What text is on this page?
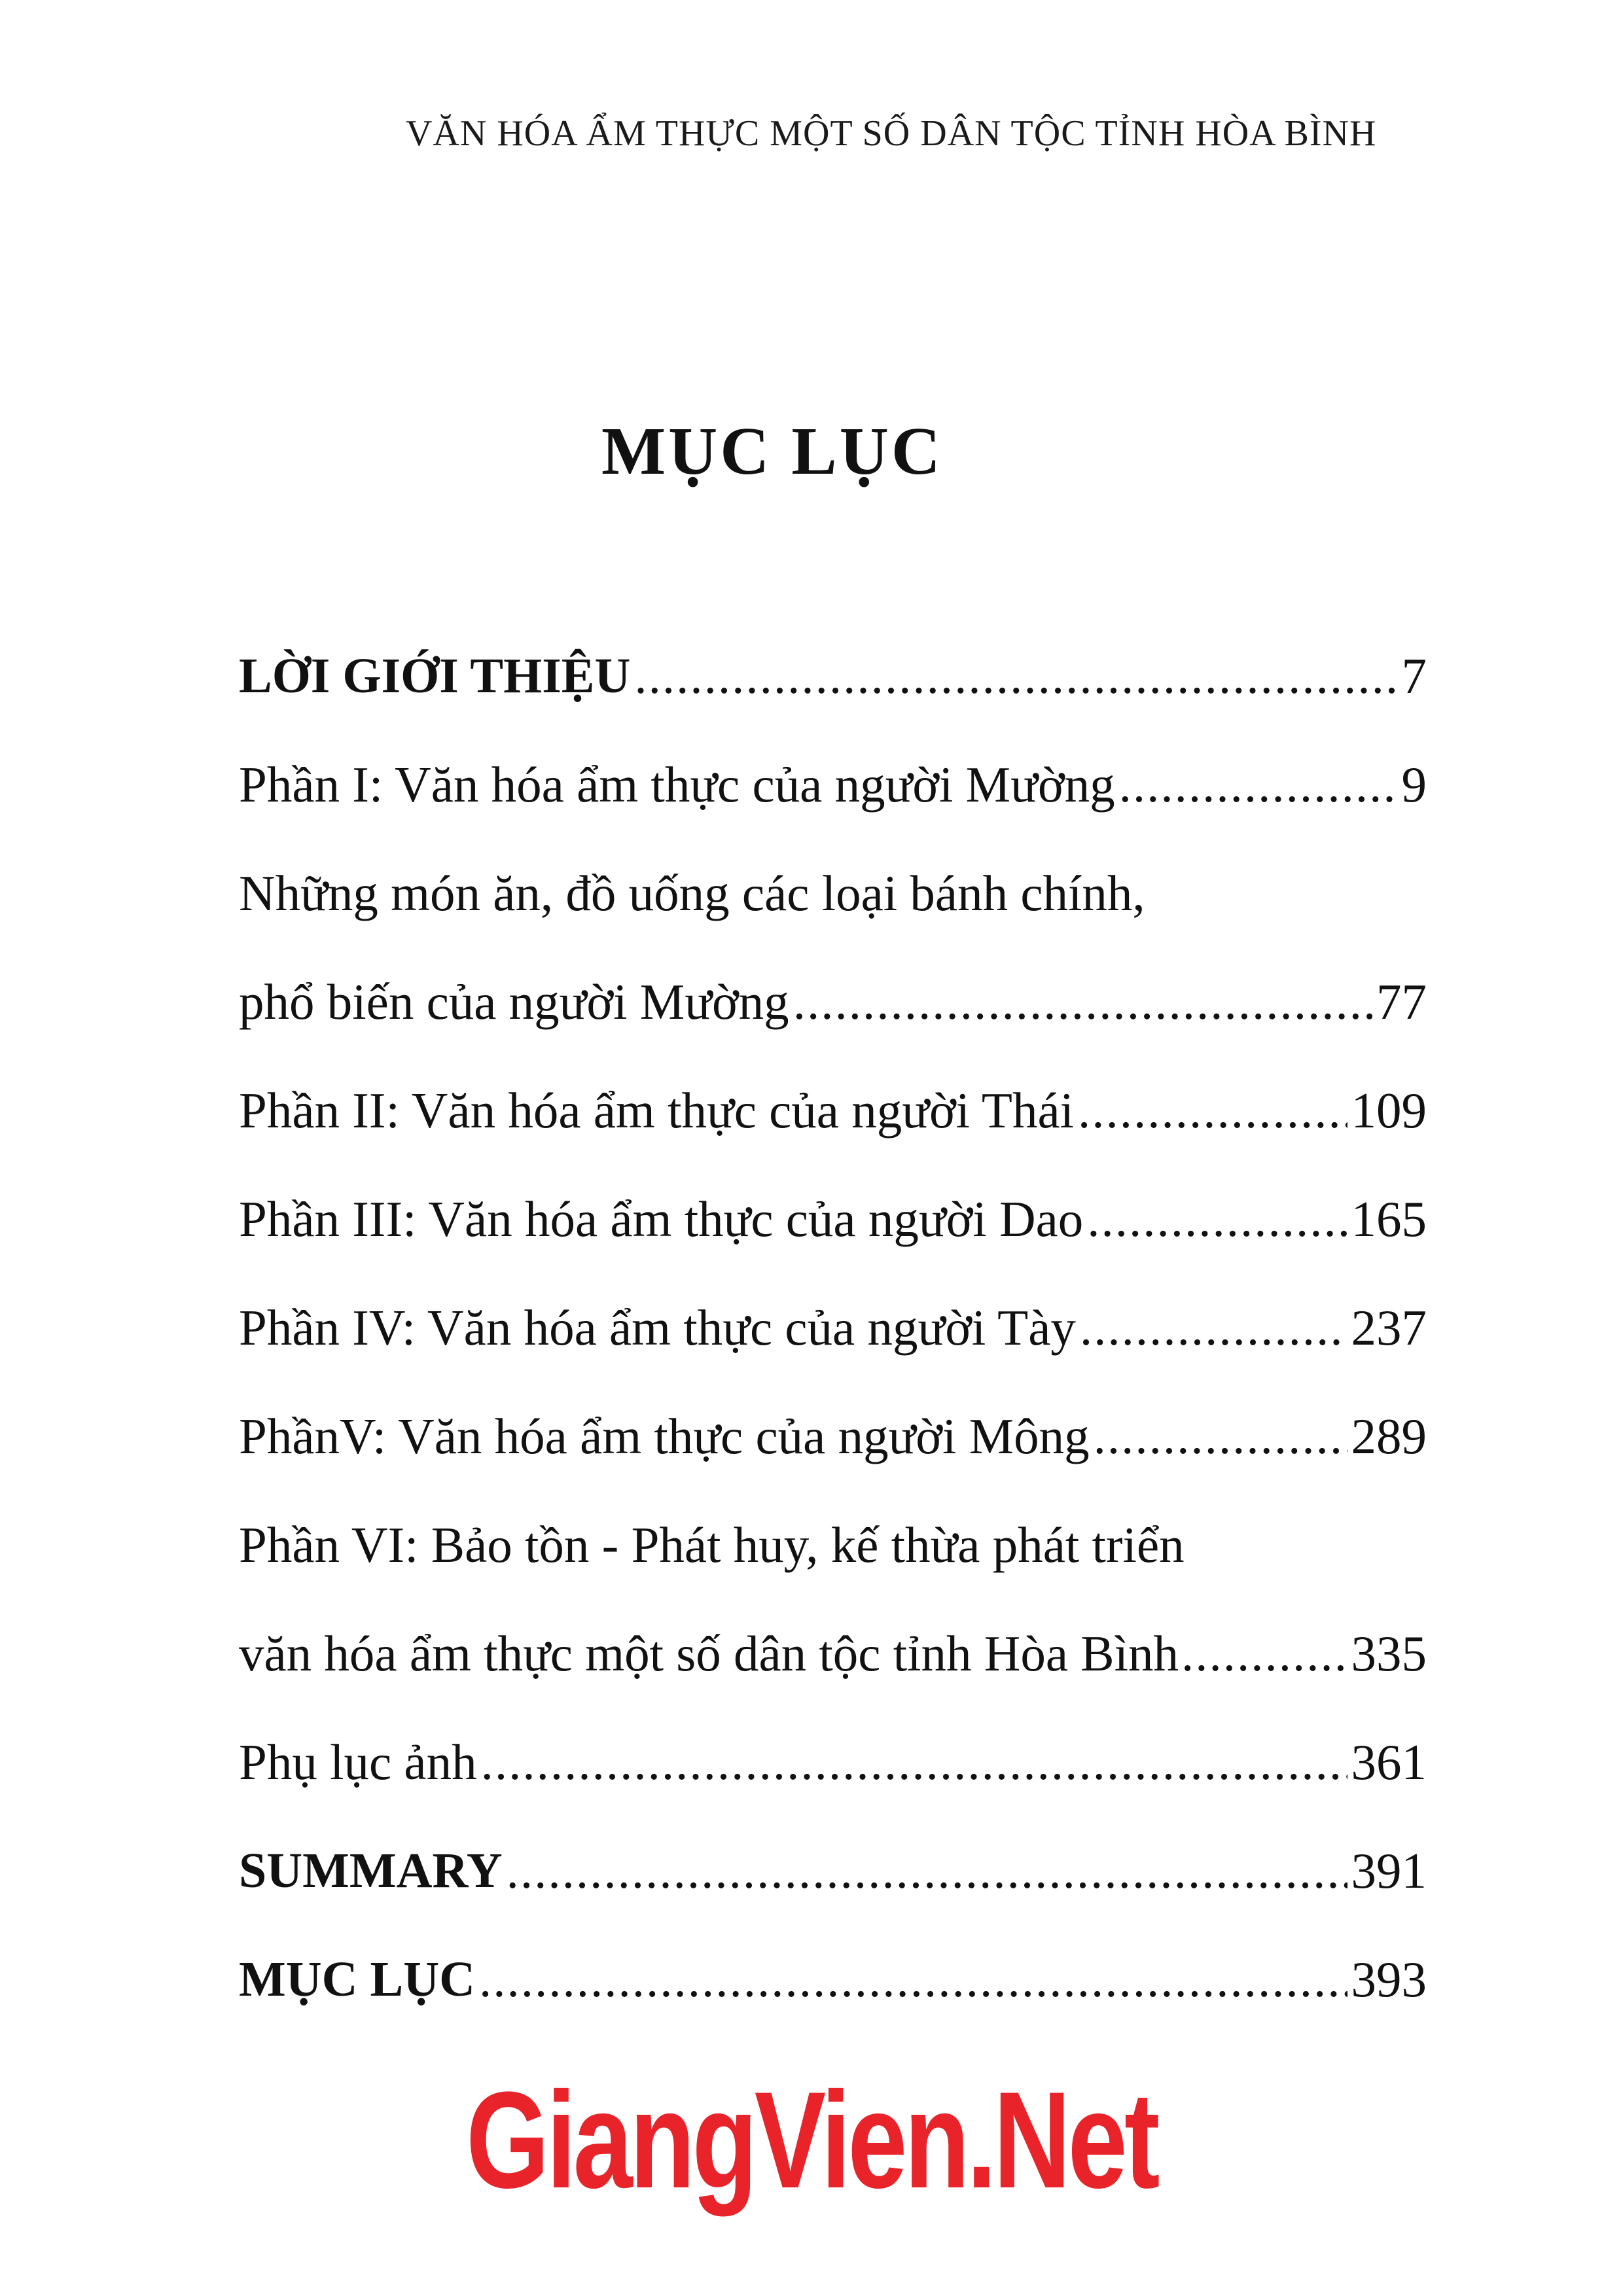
VĂN HÓA ẨM THỰC MỘT SỐ DÂN TỘC TỈNH HÒA BÌNH
MỤC LỤC
LỜI GIỚI THIỆU .....	7
Phần I: Văn hóa ẩm thực của người Mường .....	9
Những món ăn, đồ uống các loại bánh chính,
phổ biến của người Mường .....	77
Phần II: Văn hóa ẩm thực của người Thái .....	109
Phần III: Văn hóa ẩm thực của người Dao .....	165
Phần IV: Văn hóa ẩm thực của người Tày .....	237
PhầnV: Văn hóa ẩm thực của người Mông .....	289
Phần VI: Bảo tồn - Phát huy, kế thừa phát triển
văn hóa ẩm thực một số dân tộc tỉnh Hòa Bình .....	335
Phụ lục ảnh .....	361
SUMMARY .....	391
MỤC LỤC .....	393
GiangVien.Net
